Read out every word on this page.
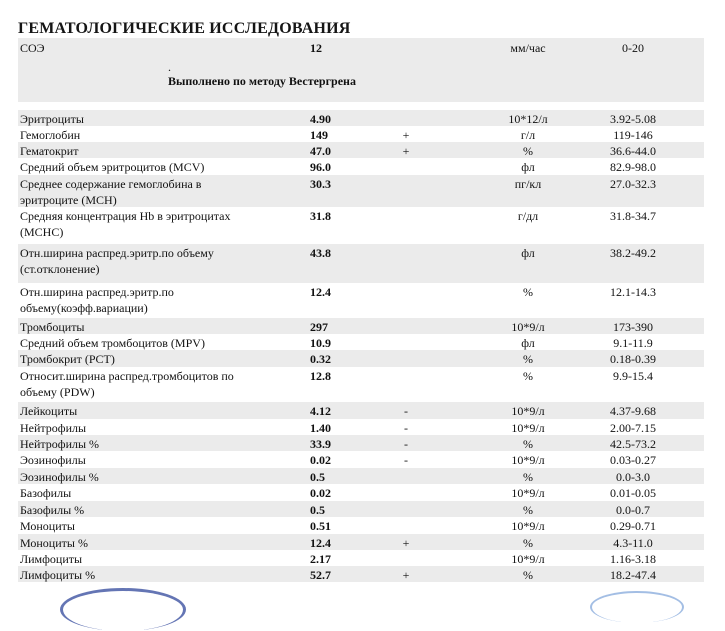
ГЕМАТОЛОГИЧЕСКИЕ ИССЛЕДОВАНИЯ
СОЭ	12	мм/час	0-20
.
Выполнено по методу Вестергрена
Эритроциты	4.90	10*12/л	3.92-5.08
Гемоглобин	149	+	г/л	119-146
Гематокрит	47.0	+	%	36.6-44.0
Средний объем эритроцитов (MCV)	96.0	фл	82.9-98.0
Среднее содержание гемоглобина в эритроците (MCH)
30.3	пг/кл	27.0-32.3
Средняя концентрация Hb в эритроцитах (MCHC)
31.8	г/дл	31.8-34.7
Отн.ширина распред.эритр.по объему (ст.отклонение)
43.8	фл	38.2-49.2
Отн.ширина распред.эритр.по объему(коэфф.вариации)
12.4	%	12.1-14.3
Тромбоциты	297	10*9/л	173-390
Средний объем тромбоцитов (MPV)	10.9	фл	9.1-11.9
Тромбокрит (PCT)	0.32	%	0.18-0.39
Относит.ширина распред.тромбоцитов по объему (PDW)
12.8	%	9.9-15.4
Лейкоциты	4.12	-	10*9/л	4.37-9.68
Нейтрофилы	1.40	-	10*9/л	2.00-7.15
Нейтрофилы %	33.9	-	%	42.5-73.2
Эозинофилы	0.02	-	10*9/л	0.03-0.27
Эозинофилы %	0.5	%	0.0-3.0
Базофилы	0.02	10*9/л	0.01-0.05
Базофилы %	0.5	%	0.0-0.7
Моноциты	0.51	10*9/л	0.29-0.71
Моноциты %	12.4	+	%	4.3-11.0
Лимфоциты	2.17	10*9/л	1.16-3.18
Лимфоциты %	52.7	+	%	18.2-47.4
